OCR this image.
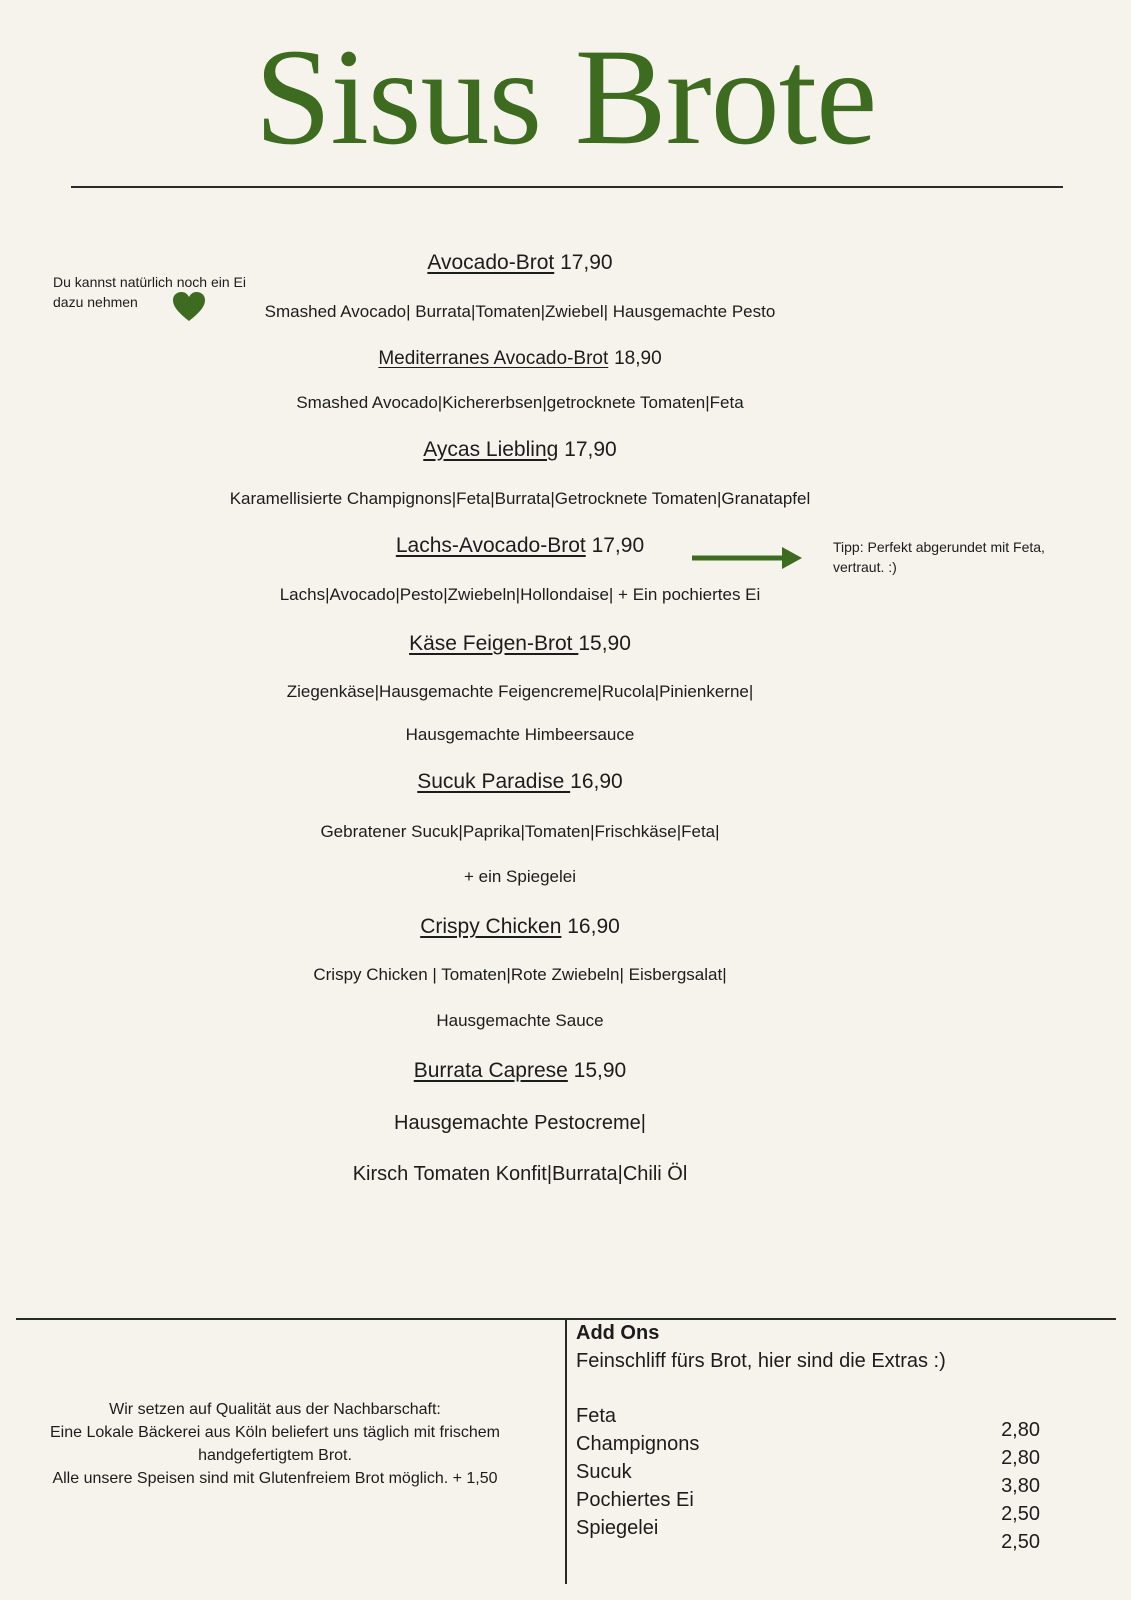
Sisus Brote
Du kannst natürlich noch ein Ei dazu nehmen
Tipp: Perfekt abgerundet mit Feta, vertraut. :)
Avocado-Brot 17,90
Smashed Avocado| Burrata|Tomaten|Zwiebel| Hausgemachte Pesto
Mediterranes Avocado-Brot 18,90
Smashed Avocado|Kichererbsen|getrocknete Tomaten|Feta
Aycas Liebling 17,90
Karamellisierte Champignons|Feta|Burrata|Getrocknete Tomaten|Granatapfel
Lachs-Avocado-Brot 17,90
Lachs|Avocado|Pesto|Zwiebeln|Hollondaise| + Ein pochiertes Ei
Käse Feigen-Brot 15,90
Ziegenkäse|Hausgemachte Feigencreme|Rucola|Pinienkerne|
Hausgemachte Himbeersauce
Sucuk Paradise 16,90
Gebratener Sucuk|Paprika|Tomaten|Frischkäse|Feta|
+ ein Spiegelei
Crispy Chicken 16,90
Crispy Chicken | Tomaten|Rote Zwiebeln| Eisbergsalat|
Hausgemachte Sauce
Burrata Caprese 15,90
Hausgemachte Pestocreme|
Kirsch Tomaten Konfit|Burrata|Chili Öl
Wir setzen auf Qualität aus der Nachbarschaft:
Eine Lokale Bäckerei aus Köln beliefert uns täglich mit frischem
handgefertigtem Brot.
Alle unsere Speisen sind mit Glutenfreiem Brot möglich. + 1,50
Add Ons
Feinschliff fürs Brot, hier sind die Extras :)
Feta
Champignons
Sucuk
Pochiertes Ei
Spiegelei
2,80
2,80
3,80
2,50
2,50
